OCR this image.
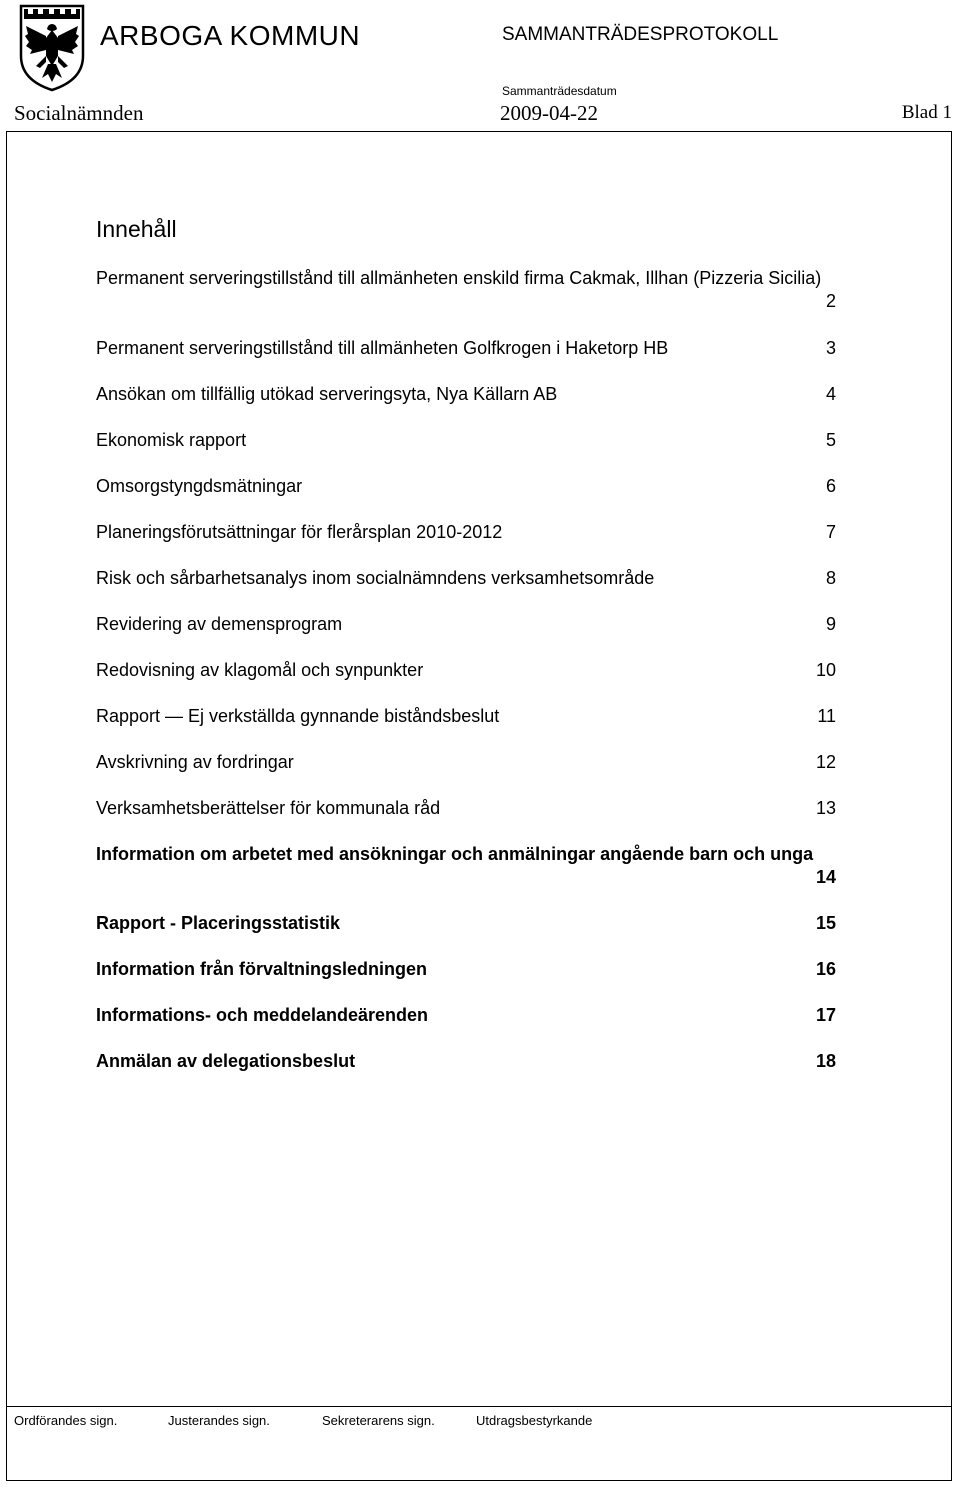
ARBOGA KOMMUN	SAMMANTRÄDESPROTOKOLL
Sammanträdesdatum
Socialnämnden	2009-04-22	Blad 1
Innehåll
Permanent serveringstillstånd till allmänheten enskild firma Cakmak, Illhan (Pizzeria Sicilia)
2
Permanent serveringstillstånd till allmänheten Golfkrogen i Haketorp HB	3
Ansökan om tillfällig utökad serveringsyta, Nya Källarn AB	4
Ekonomisk rapport	5
Omsorgstyngdsmätningar	6
Planeringsförutsättningar för flerårsplan 2010-2012	7
Risk och sårbarhetsanalys inom socialnämndens verksamhetsområde	8
Revidering av demensprogram	9
Redovisning av klagomål och synpunkter	10
Rapport — Ej verkställda gynnande biståndsbeslut	11
Avskrivning av fordringar	12
Verksamhetsberättelser för kommunala råd	13
Information om arbetet med ansökningar och anmälningar angående barn och unga
14
Rapport - Placeringsstatistik	15
Information från förvaltningsledningen	16
Informations- och meddelandeärenden	17
Anmälan av delegationsbeslut	18
Ordförandes sign.	Justerandes sign.	Sekreterarens sign.	Utdragsbestyrkande
